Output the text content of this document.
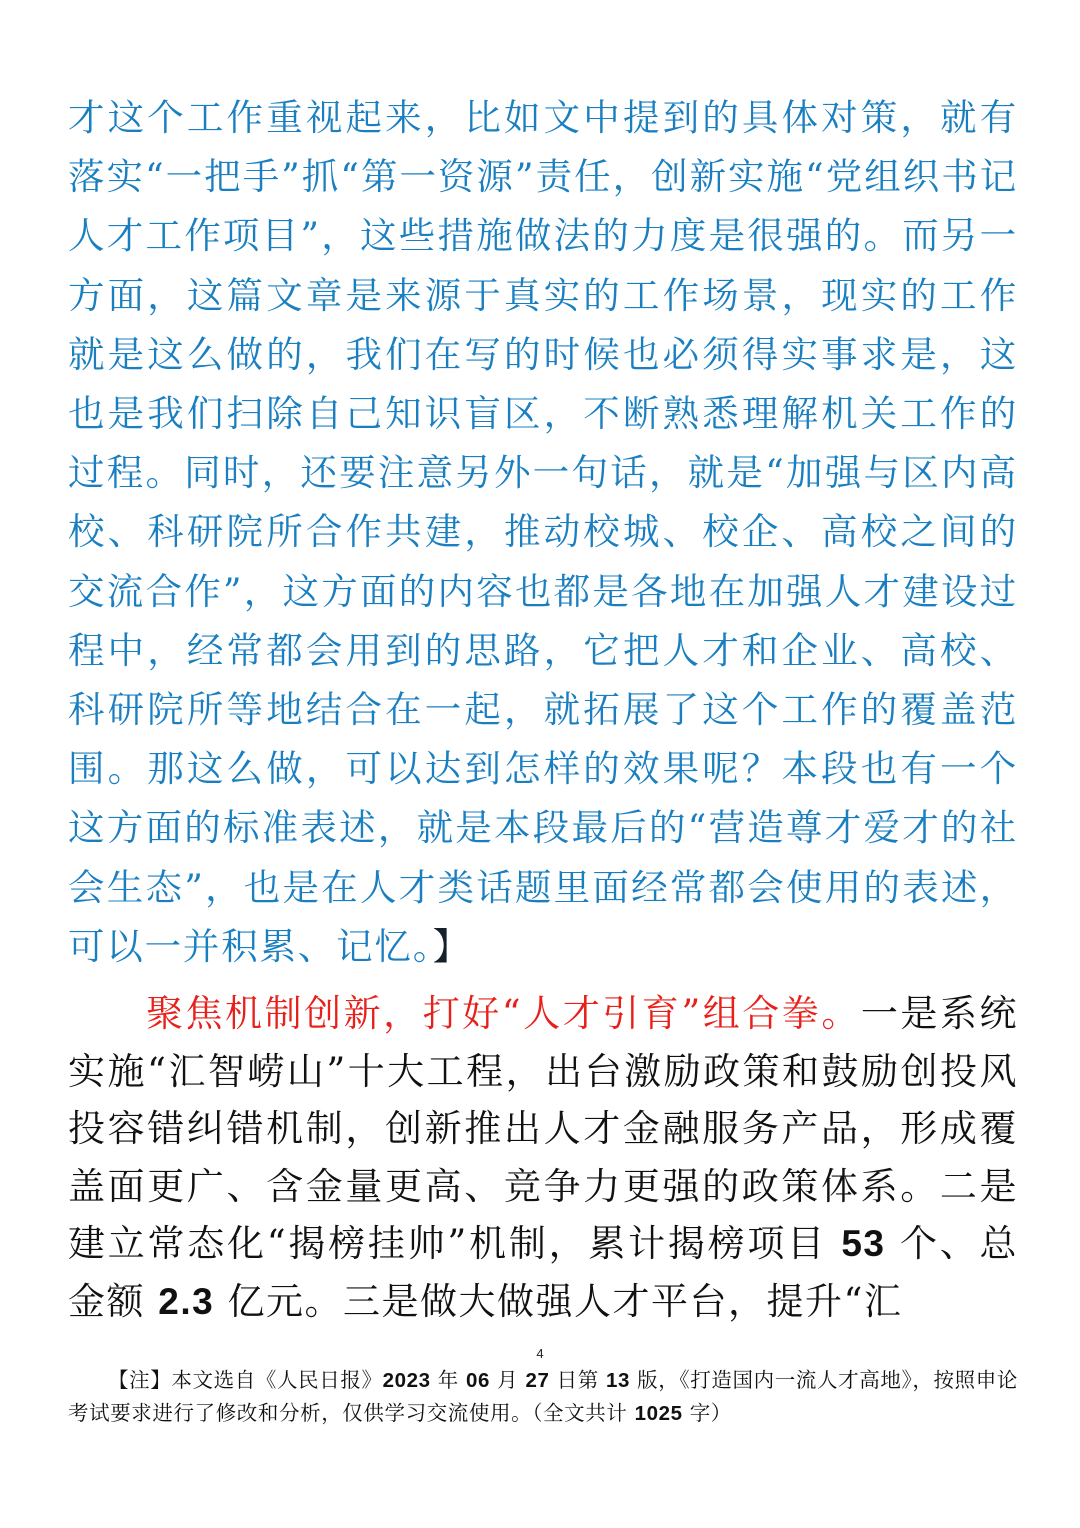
才这个工作重视起来，比如文中提到的具体对策，就有落实“一把手”抓“第一资源”责任，创新实施“党组织书记人才工作项目”，这些措施做法的力度是很强的。而另一方面，这篇文章是来源于真实的工作场景，现实的工作就是这么做的，我们在写的时候也必须得实事求是，这也是我们扫除自己知识盲区，不断熟悉理解机关工作的过程。同时，还要注意另外一句话，就是“加强与区内高校、科研院所合作共建，推动校城、校企、高校之间的交流合作”，这方面的内容也都是各地在加强人才建设过程中，经常都会用到的思路，它把人才和企业、高校、科研院所等地结合在一起，就拓展了这个工作的覆盖范围。那这么做，可以达到怎样的效果呢？本段也有一个这方面的标准表述，就是本段最后的“营造尊才爱才的社会生态”，也是在人才类话题里面经常都会使用的表述，可以一并积累、记忆。】

聚焦机制创新，打好“人才引育”组合拳。一是系统实施“汇智崂山”十大工程，出台激励政策和鼓励创投风投容错纠错机制，创新推出人才金融服务产品，形成覆盖面更广、含金量更高、竞争力更强的政策体系。二是建立常态化“揭榜挂帅”机制，累计揭榜项目 53 个、总金额 2.3 亿元。三是做大做强人才平台，提升“汇

4

【注】本文选自《人民日报》2023 年 06 月 27 日第 13 版，《打造国内一流人才高地》，按照申论考试要求进行了修改和分析，仅供学习交流使用。（全文共计 1025 字）
